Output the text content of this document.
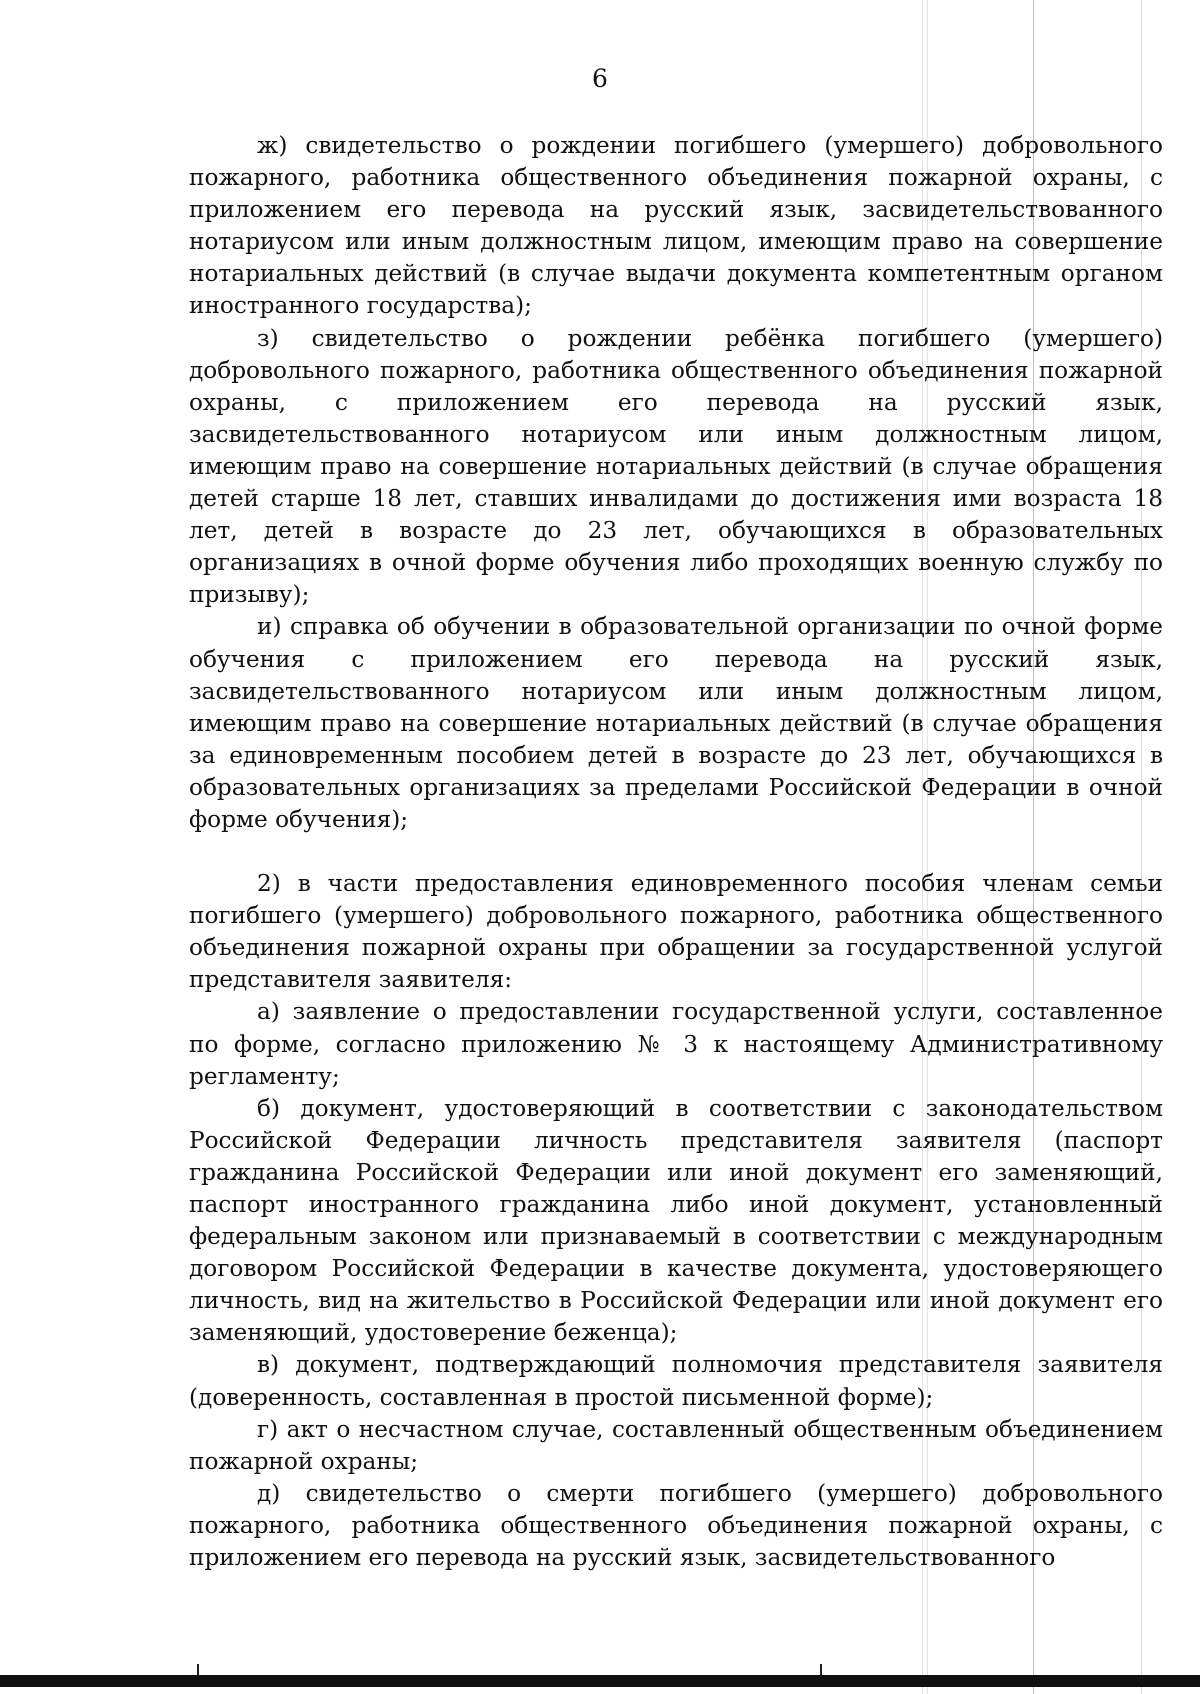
6

ж) свидетельство о рождении погибшего (умершего) добровольного пожарного, работника общественного объединения пожарной охраны, с приложением его перевода на русский язык, засвидетельствованного нотариусом или иным должностным лицом, имеющим право на совершение нотариальных действий (в случае выдачи документа компетентным органом иностранного государства);

з) свидетельство о рождении ребёнка погибшего (умершего) добровольного пожарного, работника общественного объединения пожарной охраны, с приложением его перевода на русский язык, засвидетельствованного нотариусом или иным должностным лицом, имеющим право на совершение нотариальных действий (в случае обращения детей старше 18 лет, ставших инвалидами до достижения ими возраста 18 лет, детей в возрасте до 23 лет, обучающихся в образовательных организациях в очной форме обучения либо проходящих военную службу по призыву);

и) справка об обучении в образовательной организации по очной форме обучения с приложением его перевода на русский язык, засвидетельствованного нотариусом или иным должностным лицом, имеющим право на совершение нотариальных действий (в случае обращения за единовременным пособием детей в возрасте до 23 лет, обучающихся в образовательных организациях за пределами Российской Федерации в очной форме обучения);

2) в части предоставления единовременного пособия членам семьи погибшего (умершего) добровольного пожарного, работника общественного объединения пожарной охраны при обращении за государственной услугой представителя заявителя:

а) заявление о предоставлении государственной услуги, составленное по форме, согласно приложению № 3 к настоящему Административному регламенту;

б) документ, удостоверяющий в соответствии с законодательством Российской Федерации личность представителя заявителя (паспорт гражданина Российской Федерации или иной документ его заменяющий, паспорт иностранного гражданина либо иной документ, установленный федеральным законом или признаваемый в соответствии с международным договором Российской Федерации в качестве документа, удостоверяющего личность, вид на жительство в Российской Федерации или иной документ его заменяющий, удостоверение беженца);

в) документ, подтверждающий полномочия представителя заявителя (доверенность, составленная в простой письменной форме);

г) акт о несчастном случае, составленный общественным объединением пожарной охраны;

д) свидетельство о смерти погибшего (умершего) добровольного пожарного, работника общественного объединения пожарной охраны, с приложением его перевода на русский язык, засвидетельствованного
